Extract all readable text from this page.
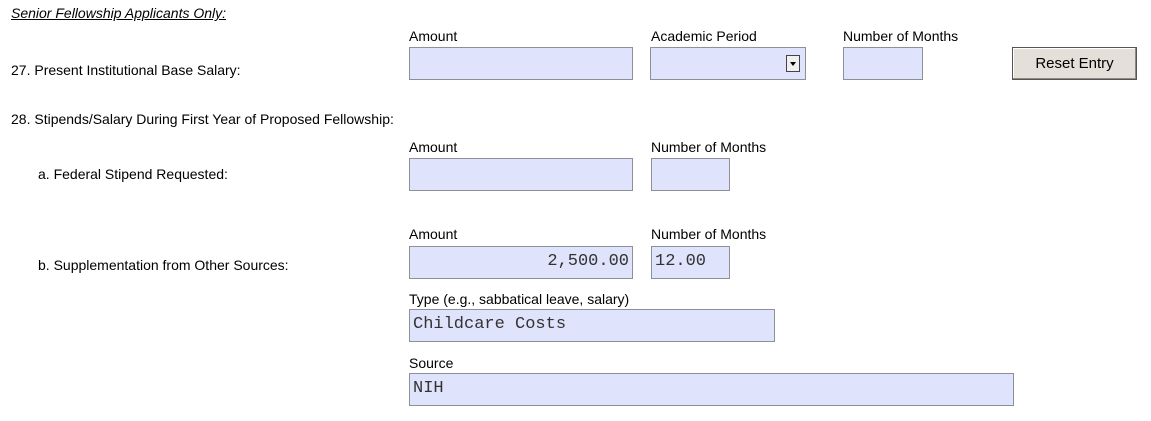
Senior Fellowship Applicants Only:
Amount	Academic Period	Number of Months
27. Present Institutional Base Salary:	Reset Entry
28. Stipends/Salary During First Year of Proposed Fellowship:
Amount	Number of Months
a. Federal Stipend Requested:
Amount	Number of Months
b. Supplementation from Other Sources:	2,500.00 12.00
Type (e.g., sabbatical leave, salary)
Childcare Costs
Source
NIH
